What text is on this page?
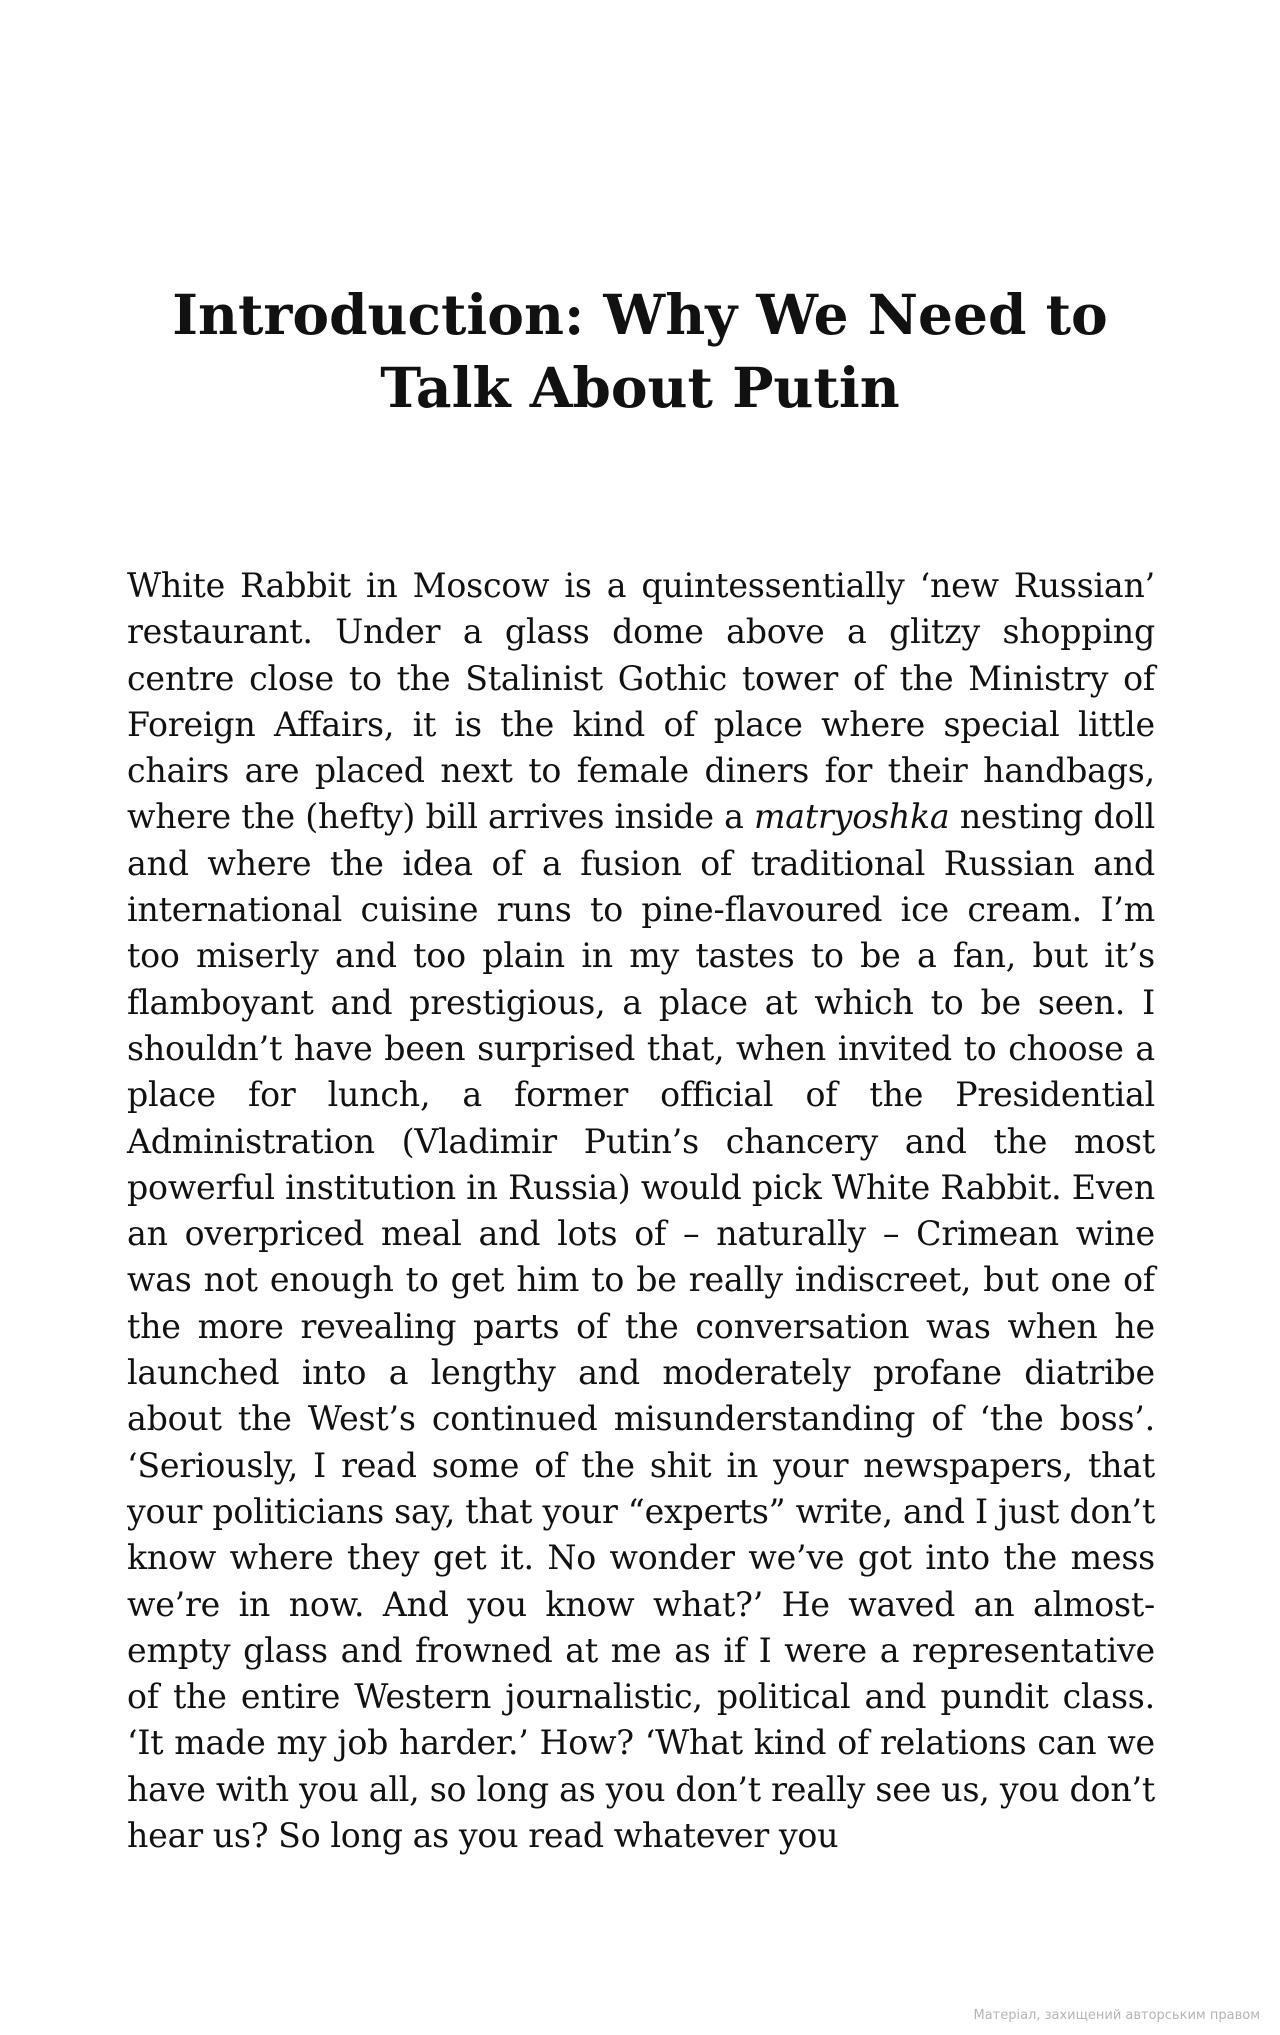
Introduction: Why We Need to Talk About Putin

White Rabbit in Moscow is a quintessentially ‘new Russian’ restaurant. Under a glass dome above a glitzy shopping centre close to the Stalinist Gothic tower of the Ministry of Foreign Affairs, it is the kind of place where special little chairs are placed next to female diners for their handbags, where the (hefty) bill arrives inside a matryoshka nesting doll and where the idea of a fusion of traditional Russian and international cuisine runs to pine-flavoured ice cream. I’m too miserly and too plain in my tastes to be a fan, but it’s flamboyant and prestigious, a place at which to be seen. I shouldn’t have been surprised that, when invited to choose a place for lunch, a former official of the Presidential Administration (Vladimir Putin’s chancery and the most powerful institution in Russia) would pick White Rabbit. Even an overpriced meal and lots of – naturally – Crimean wine was not enough to get him to be really indiscreet, but one of the more revealing parts of the conversation was when he launched into a lengthy and moderately profane diatribe about the West’s continued misunderstanding of ‘the boss’. ‘Seriously, I read some of the shit in your newspapers, that your politicians say, that your “experts” write, and I just don’t know where they get it. No wonder we’ve got into the mess we’re in now. And you know what?’ He waved an almost-empty glass and frowned at me as if I were a representative of the entire Western journalistic, political and pundit class. ‘It made my job harder.’ How? ‘What kind of relations can we have with you all, so long as you don’t really see us, you don’t hear us? So long as you read whatever you

Матеріал, захищений авторським правом
